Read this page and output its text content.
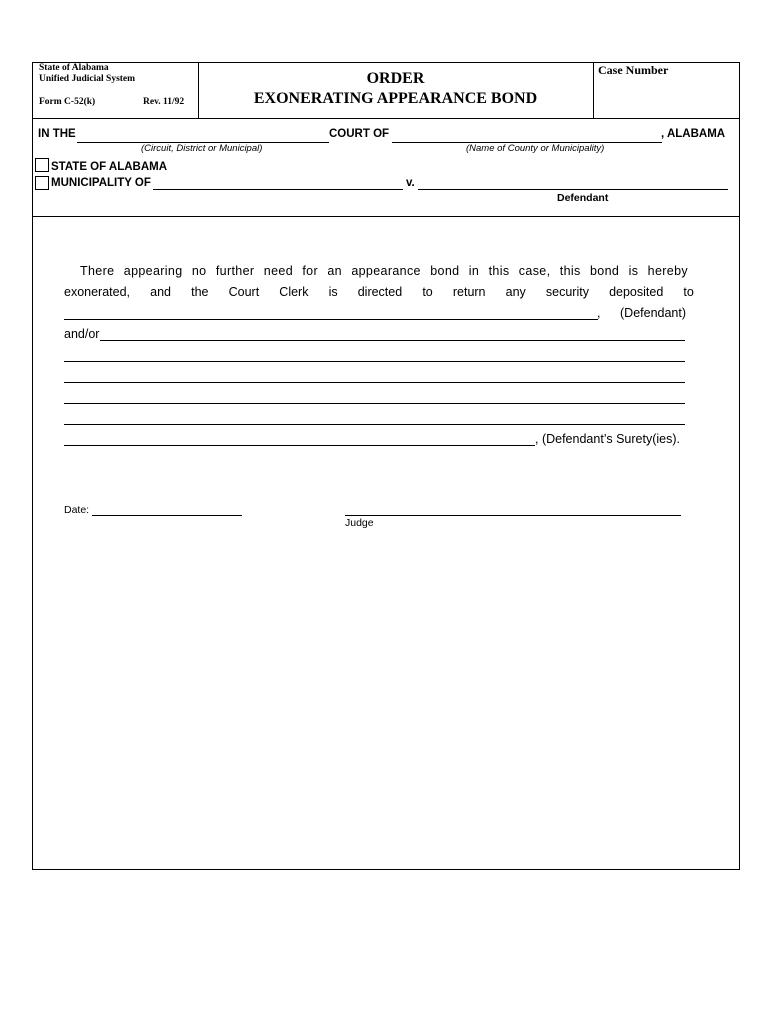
State of Alabama
Unified Judicial System
Form C-52(k)	Rev. 11/92
ORDER
EXONERATING APPEARANCE BOND
Case Number
IN THE	COURT OF	, ALABAMA
(Circuit, District or Municipal)	(Name of County or Municipality)
STATE OF ALABAMA
MUNICIPALITY OF	v.
Defendant
There appearing no further need for an appearance bond in this case, this bond is hereby
exonerated, and the Court Clerk is directed to return any security deposited to
, (Defendant)
and/or
, (Defendant’s Surety(ies).
Date:
Judge
